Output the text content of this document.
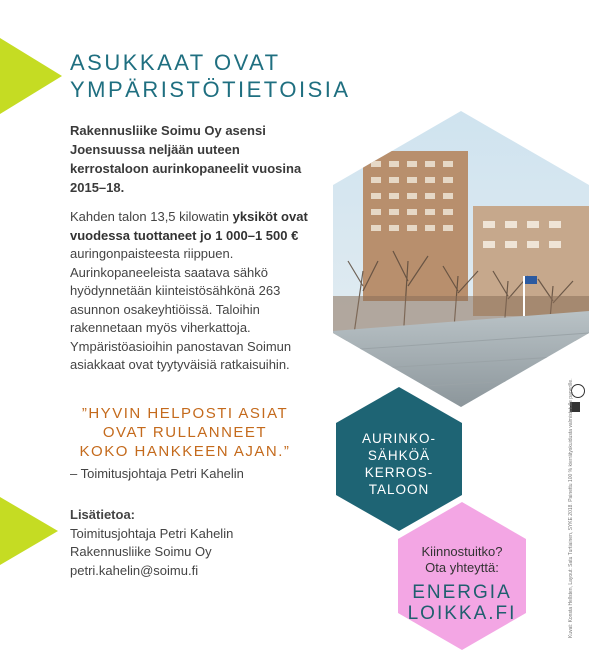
ASUKKAAT OVAT
YMPÄRISTÖTIETOISIA
Rakennusliike Soimu Oy asensi Joensuussa neljään uuteen kerrostaloon aurinkopaneelit vuosina 2015–18.
Kahden talon 13,5 kilowatin yksiköt ovat vuodessa tuottaneet jo 1 000–1 500 € auringonpaisteesta riippuen. Aurinkopaneeleista saatava sähkö hyödynnetään kiinteistösähkönä 263 asunnon osakeyhtiöissä. Taloihin rakennetaan myös viherkattoja. Ympäristöasioihin panostavan Soimun asiakkaat ovat tyytyväisiä ratkaisuihin.
”HYVIN HELPOSTI ASIAT
OVAT RULLANNEET
KOKO HANKKEEN AJAN.”
– Toimitusjohtaja Petri Kahelin
Lisätietoa:
Toimitusjohtaja Petri Kahelin
Rakennusliike Soimu Oy
petri.kahelin@soimu.fi
AURINKO-
SÄHKÖÄ
KERROS-
TALOON
Kiinnostuitko?
Ota yhteyttä:
ENERGIA
LOIKKA.FI	Kuvat: Konsta Hellsten, Layout: Satu Turtiainen, SYKE 2018. Painettu 100 % kierrätyskuidusta valmistetulle paperille.
